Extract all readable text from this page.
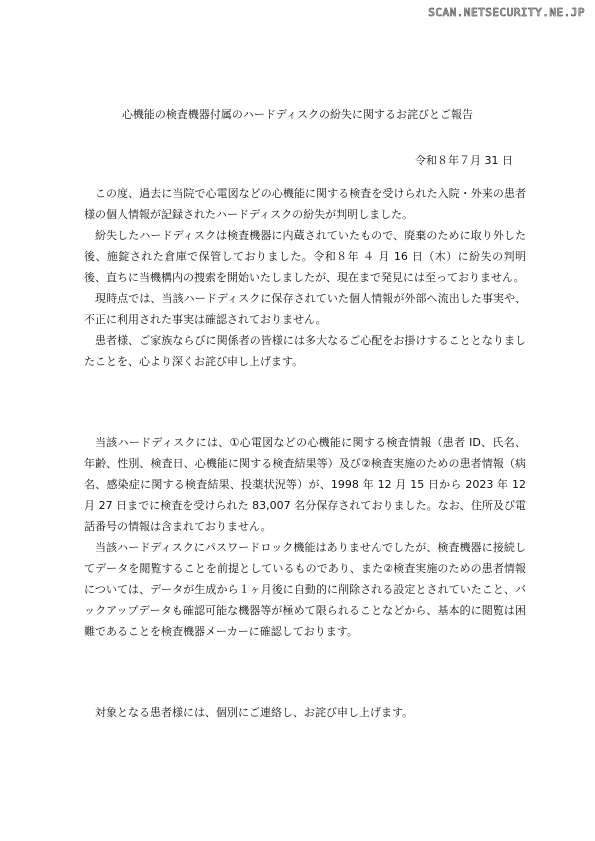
SCAN.NETSECURITY.NE.JP
心機能の検査機器付属のハードディスクの紛失に関するお詫びとご報告
令和８年７月 31 日

この度、過去に当院で心電図などの心機能に関する検査を受けられた入院・外来の患者様の個人情報が記録されたハードディスクの紛失が判明しました。

紛失したハードディスクは検査機器に内蔵されていたもので、廃棄のために取り外した後、施錠された倉庫で保管しておりました。令和８年 ４ 月 16 日（木）に紛失の判明後、直ちに当機構内の捜索を開始いたしましたが、現在まで発見には至っておりません。

現時点では、当該ハードディスクに保存されていた個人情報が外部へ流出した事実や、不正に利用された事実は確認されておりません。

患者様、ご家族ならびに関係者の皆様には多大なるご心配をお掛けすることとなりましたことを、心より深くお詫び申し上げます。

当該ハードディスクには、①心電図などの心機能に関する検査情報（患者 ID、氏名、年齢、性別、検査日、心機能に関する検査結果等）及び②検査実施のための患者情報（病名、感染症に関する検査結果、投薬状況等）が、1998 年 12 月 15 日から 2023 年 12 月 27 日までに検査を受けられた 83,007 名分保存されておりました。なお、住所及び電話番号の情報は含まれておりません。

当該ハードディスクにパスワードロック機能はありませんでしたが、検査機器に接続してデータを閲覧することを前提としているものであり、また②検査実施のための患者情報については、データが生成から１ヶ月後に自動的に削除される設定とされていたこと、バックアップデータも確認可能な機器等が極めて限られることなどから、基本的に閲覧は困難であることを検査機器メーカーに確認しております。

対象となる患者様には、個別にご連絡し、お詫び申し上げます。
